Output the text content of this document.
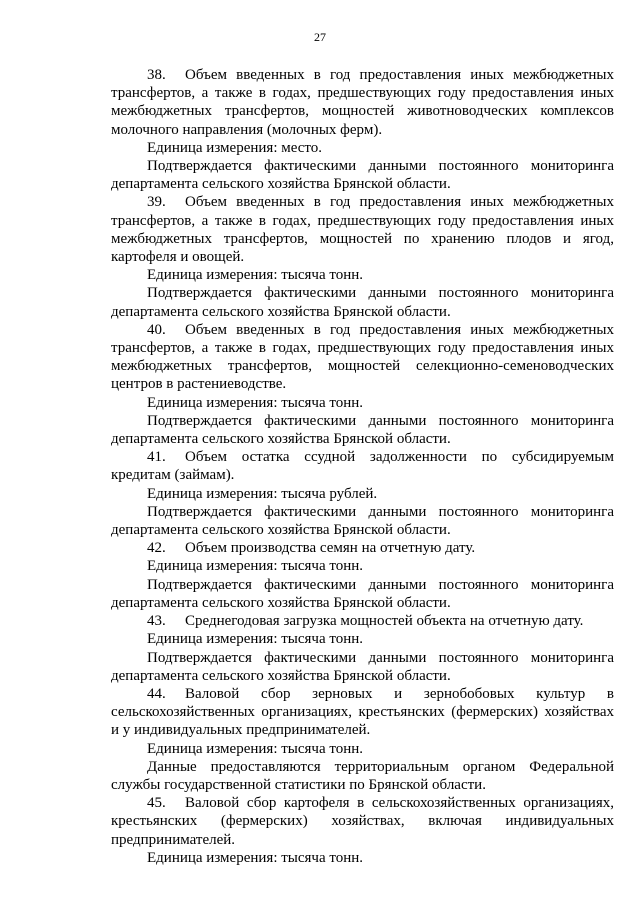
27

38. Объем введенных в год предоставления иных межбюджетных трансфертов, а также в годах, предшествующих году предоставления иных межбюджетных трансфертов, мощностей животноводческих комплексов молочного направления (молочных ферм).

Единица измерения: место.

Подтверждается фактическими данными постоянного мониторинга департамента сельского хозяйства Брянской области.

39. Объем введенных в год предоставления иных межбюджетных трансфертов, а также в годах, предшествующих году предоставления иных межбюджетных трансфертов, мощностей по хранению плодов и ягод, картофеля и овощей.

Единица измерения: тысяча тонн.

Подтверждается фактическими данными постоянного мониторинга департамента сельского хозяйства Брянской области.

40. Объем введенных в год предоставления иных межбюджетных трансфертов, а также в годах, предшествующих году предоставления иных межбюджетных трансфертов, мощностей селекционно-семеноводческих центров в растениеводстве.

Единица измерения: тысяча тонн.

Подтверждается фактическими данными постоянного мониторинга департамента сельского хозяйства Брянской области.

41. Объем остатка ссудной задолженности по субсидируемым кредитам (займам).

Единица измерения: тысяча рублей.

Подтверждается фактическими данными постоянного мониторинга департамента сельского хозяйства Брянской области.

42. Объем производства семян на отчетную дату.

Единица измерения: тысяча тонн.

Подтверждается фактическими данными постоянного мониторинга департамента сельского хозяйства Брянской области.

43. Среднегодовая загрузка мощностей объекта на отчетную дату.

Единица измерения: тысяча тонн.

Подтверждается фактическими данными постоянного мониторинга департамента сельского хозяйства Брянской области.

44. Валовой сбор зерновых и зернобобовых культур в сельскохозяйственных организациях, крестьянских (фермерских) хозяйствах и у индивидуальных предпринимателей.

Единица измерения: тысяча тонн.

Данные предоставляются территориальным органом Федеральной службы государственной статистики по Брянской области.

45. Валовой сбор картофеля в сельскохозяйственных организациях, крестьянских (фермерских) хозяйствах, включая индивидуальных предпринимателей.

Единица измерения: тысяча тонн.
